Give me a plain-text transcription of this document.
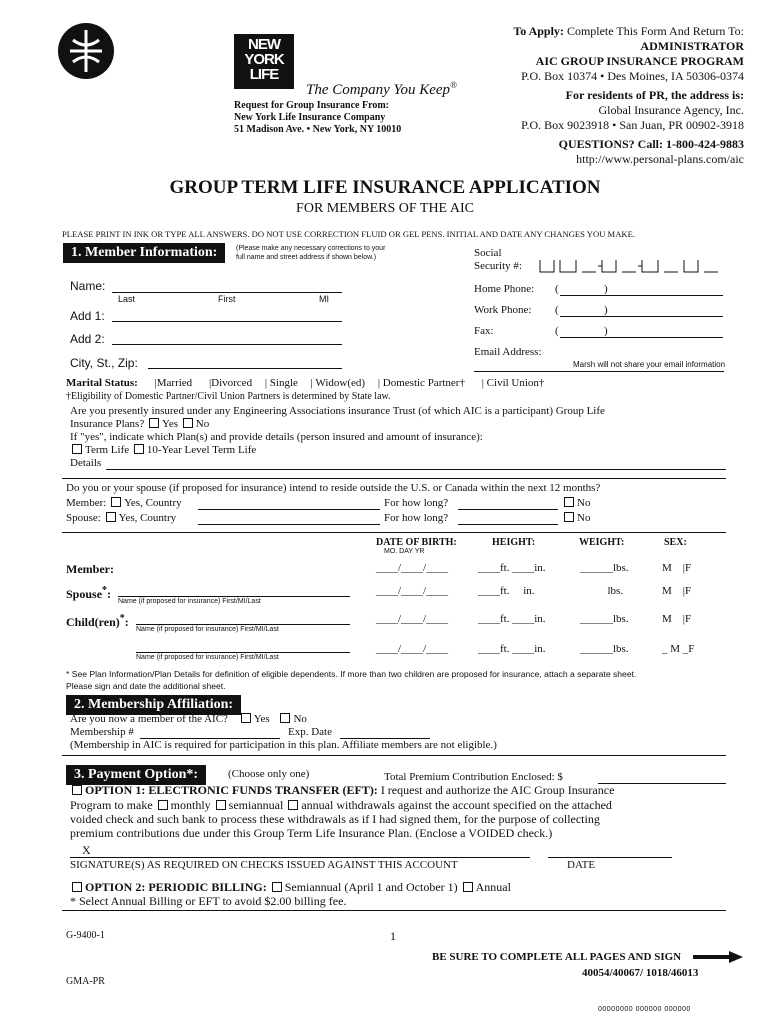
NEW
YORK
LIFE
The Company You Keep®
Request for Group Insurance From:
New York Life Insurance Company
51 Madison Ave. • New York, NY 10010
To Apply: Complete This Form And Return To:
ADMINISTRATOR
AIC GROUP INSURANCE PROGRAM
P.O. Box 10374 • Des Moines, IA 50306-0374
For residents of PR, the address is:
Global Insurance Agency, Inc.
P.O. Box 9023918 • San Juan, PR 00902-3918
QUESTIONS? Call: 1-800-424-9883
http://www.personal-plans.com/aic
GROUP TERM LIFE INSURANCE APPLICATION
FOR MEMBERS OF THE AIC
PLEASE PRINT IN INK OR TYPE ALL ANSWERS. DO NOT USE CORRECTION FLUID OR GEL PENS. INITIAL AND DATE ANY CHANGES YOU MAKE.
1. Member Information:	(Please make any necessary corrections to your
full name and street address if shown below.)
Name:
Last	First	MI
Add 1:
Add 2:
City, St., Zip:
Social
Security #:
Home Phone: (	)
Work Phone: (	)
Fax:	(	)
Email Address:
Marsh will not share your email information
Marital Status: |Married |Divorced | Single | Widow(ed) | Domestic Partner† | Civil Union†
†Eligibility of Domestic Partner/Civil Union Partners is determined by State law.
Are you presently insured under any Engineering Associations insurance Trust (of which AIC is a participant) Group Life
Insurance Plans? Yes No
If "yes", indicate which Plan(s) and provide details (person insured and amount of insurance):
Term Life 10-Year Level Term Life
Details
Do you or your spouse (if proposed for insurance) intend to reside outside the U.S. or Canada within the next 12 months?
Member: Yes, Country	For how long?	No
Spouse: Yes, Country	For how long?	No
DATE OF BIRTH:
MO. DAY YR
HEIGHT:	WEIGHT:	SEX:
Member:	____/____/____	____ft. ____in.	______lbs.	M    |F
Spouse*:
Name (if proposed for insurance) First/MI/Last
____/____/____	____ft. in.	lbs.	M    |F
Child(ren)*:
Name (if proposed for insurance) First/MI/Last
____/____/____	____ft. ____in.	______lbs.	M    |F
Name (if proposed for insurance) First/MI/Last
____/____/____	____ft. ____in.	______lbs.	_ M _F
* See Plan Information/Plan Details for definition of eligible dependents. If more than two children are proposed for insurance, attach a separate sheet.
Please sign and date the additional sheet.
2. Membership Affiliation:
Are you now a member of the AIC? Yes No
Membership #	Exp. Date
(Membership in AIC is required for participation in this plan. Affiliate members are not eligible.)
3. Payment Option*:	(Choose only one)	Total Premium Contribution Enclosed: $
OPTION 1: ELECTRONIC FUNDS TRANSFER (EFT): I request and authorize the AIC Group Insurance
Program to make monthly semiannual annual withdrawals against the account specified on the attached
voided check and such bank to process these withdrawals as if I had signed them, for the purpose of collecting
premium contributions due under this Group Term Life Insurance Plan. (Enclose a VOIDED check.)
X
SIGNATURE(S) AS REQUIRED ON CHECKS ISSUED AGAINST THIS ACCOUNT	DATE
OPTION 2: PERIODIC BILLING: Semiannual (April 1 and October 1) Annual
* Select Annual Billing or EFT to avoid $2.00 billing fee.
G-9400-1	1
BE SURE TO COMPLETE ALL PAGES AND SIGN
40054/40067/ 1018/46013
GMA-PR
00000000 000000 000000
